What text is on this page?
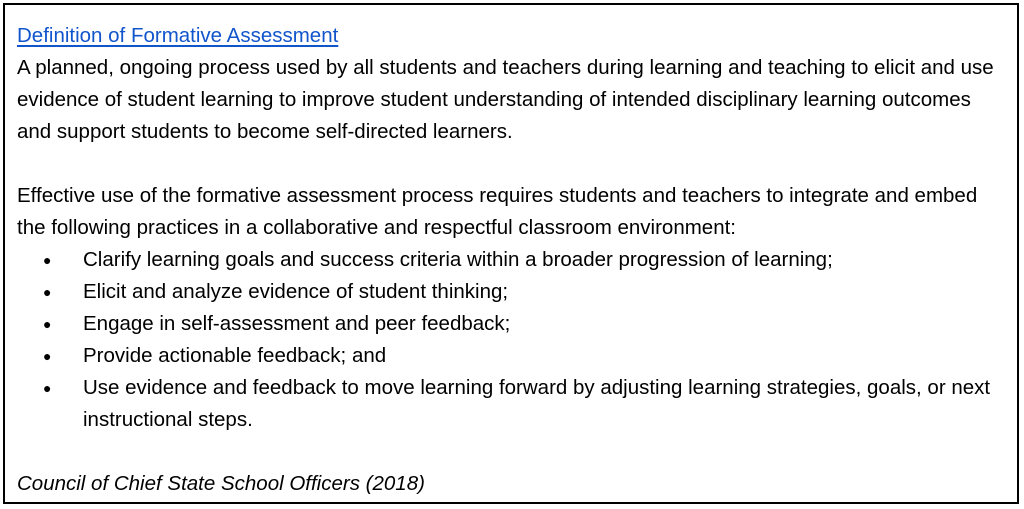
Definition of Formative Assessment

A planned, ongoing process used by all students and teachers during learning and teaching to elicit and use evidence of student learning to improve student understanding of intended disciplinary learning outcomes and support students to become self-directed learners.

Effective use of the formative assessment process requires students and teachers to integrate and embed the following practices in a collaborative and respectful classroom environment:

● Clarify learning goals and success criteria within a broader progression of learning;
● Elicit and analyze evidence of student thinking;
● Engage in self-assessment and peer feedback;
● Provide actionable feedback; and
● Use evidence and feedback to move learning forward by adjusting learning strategies, goals, or next instructional steps.

Council of Chief State School Officers (2018)
